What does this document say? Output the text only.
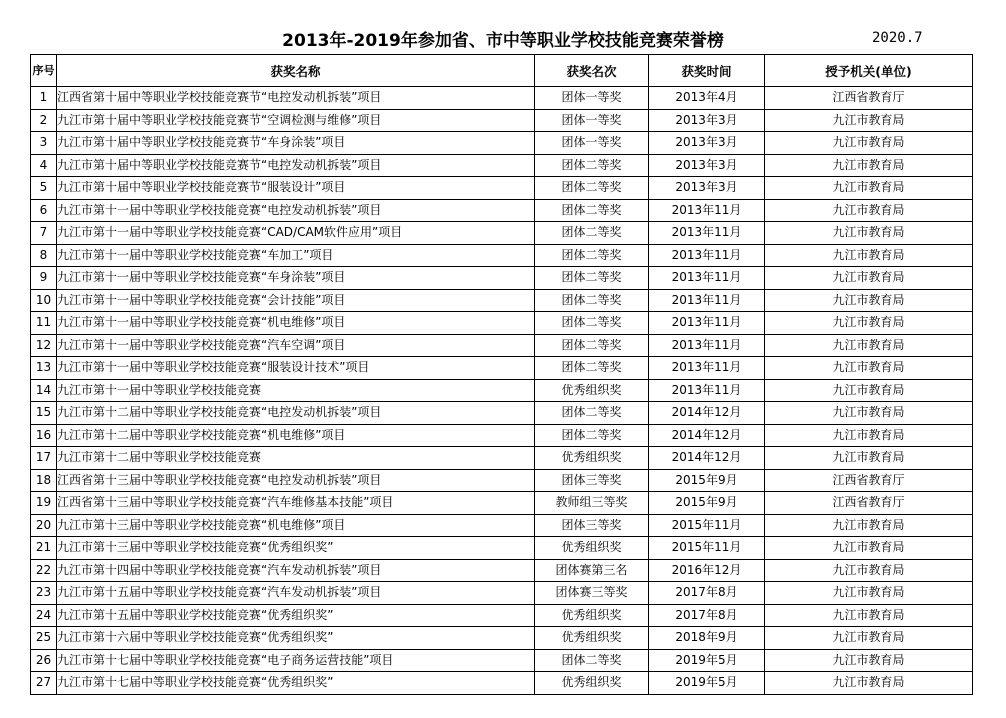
2013年-2019年参加省、市中等职业学校技能竞赛荣誉榜	2020.7
序号	获奖名称	获奖名次	获奖时间	授予机关(单位)
1	江西省第十届中等职业学校技能竞赛节“电控发动机拆装”项目	团体一等奖	2013年4月	江西省教育厅
2	九江市第十届中等职业学校技能竞赛节“空调检测与维修”项目	团体一等奖	2013年3月	九江市教育局
3	九江市第十届中等职业学校技能竞赛节“车身涂装”项目	团体一等奖	2013年3月	九江市教育局
4	九江市第十届中等职业学校技能竞赛节“电控发动机拆装”项目	团体二等奖	2013年3月	九江市教育局
5	九江市第十届中等职业学校技能竞赛节“服装设计”项目	团体二等奖	2013年3月	九江市教育局
6	九江市第十一届中等职业学校技能竞赛“电控发动机拆装”项目	团体二等奖	2013年11月	九江市教育局
7	九江市第十一届中等职业学校技能竞赛“CAD/CAM软件应用”项目	团体二等奖	2013年11月	九江市教育局
8	九江市第十一届中等职业学校技能竞赛“车加工”项目	团体二等奖	2013年11月	九江市教育局
9	九江市第十一届中等职业学校技能竞赛“车身涂装”项目	团体二等奖	2013年11月	九江市教育局
10	九江市第十一届中等职业学校技能竞赛“会计技能”项目	团体二等奖	2013年11月	九江市教育局
11	九江市第十一届中等职业学校技能竞赛“机电维修”项目	团体二等奖	2013年11月	九江市教育局
12	九江市第十一届中等职业学校技能竞赛“汽车空调”项目	团体二等奖	2013年11月	九江市教育局
13	九江市第十一届中等职业学校技能竞赛“服装设计技术”项目	团体二等奖	2013年11月	九江市教育局
14	九江市第十一届中等职业学校技能竞赛	优秀组织奖	2013年11月	九江市教育局
15	九江市第十二届中等职业学校技能竞赛“电控发动机拆装”项目	团体二等奖	2014年12月	九江市教育局
16	九江市第十二届中等职业学校技能竞赛“机电维修”项目	团体二等奖	2014年12月	九江市教育局
17	九江市第十二届中等职业学校技能竞赛	优秀组织奖	2014年12月	九江市教育局
18	江西省第十三届中等职业学校技能竞赛“电控发动机拆装”项目	团体三等奖	2015年9月	江西省教育厅
19	江西省第十三届中等职业学校技能竞赛“汽车维修基本技能”项目	教师组三等奖	2015年9月	江西省教育厅
20	九江市第十三届中等职业学校技能竞赛“机电维修”项目	团体三等奖	2015年11月	九江市教育局
21	九江市第十三届中等职业学校技能竞赛“优秀组织奖”	优秀组织奖	2015年11月	九江市教育局
22	九江市第十四届中等职业学校技能竞赛“汽车发动机拆装”项目	团体赛第三名	2016年12月	九江市教育局
23	九江市第十五届中等职业学校技能竞赛“汽车发动机拆装”项目	团体赛三等奖	2017年8月	九江市教育局
24	九江市第十五届中等职业学校技能竞赛“优秀组织奖”	优秀组织奖	2017年8月	九江市教育局
25	九江市第十六届中等职业学校技能竞赛“优秀组织奖”	优秀组织奖	2018年9月	九江市教育局
26	九江市第十七届中等职业学校技能竞赛“电子商务运营技能”项目	团体二等奖	2019年5月	九江市教育局
27	九江市第十七届中等职业学校技能竞赛“优秀组织奖”	优秀组织奖	2019年5月	九江市教育局
